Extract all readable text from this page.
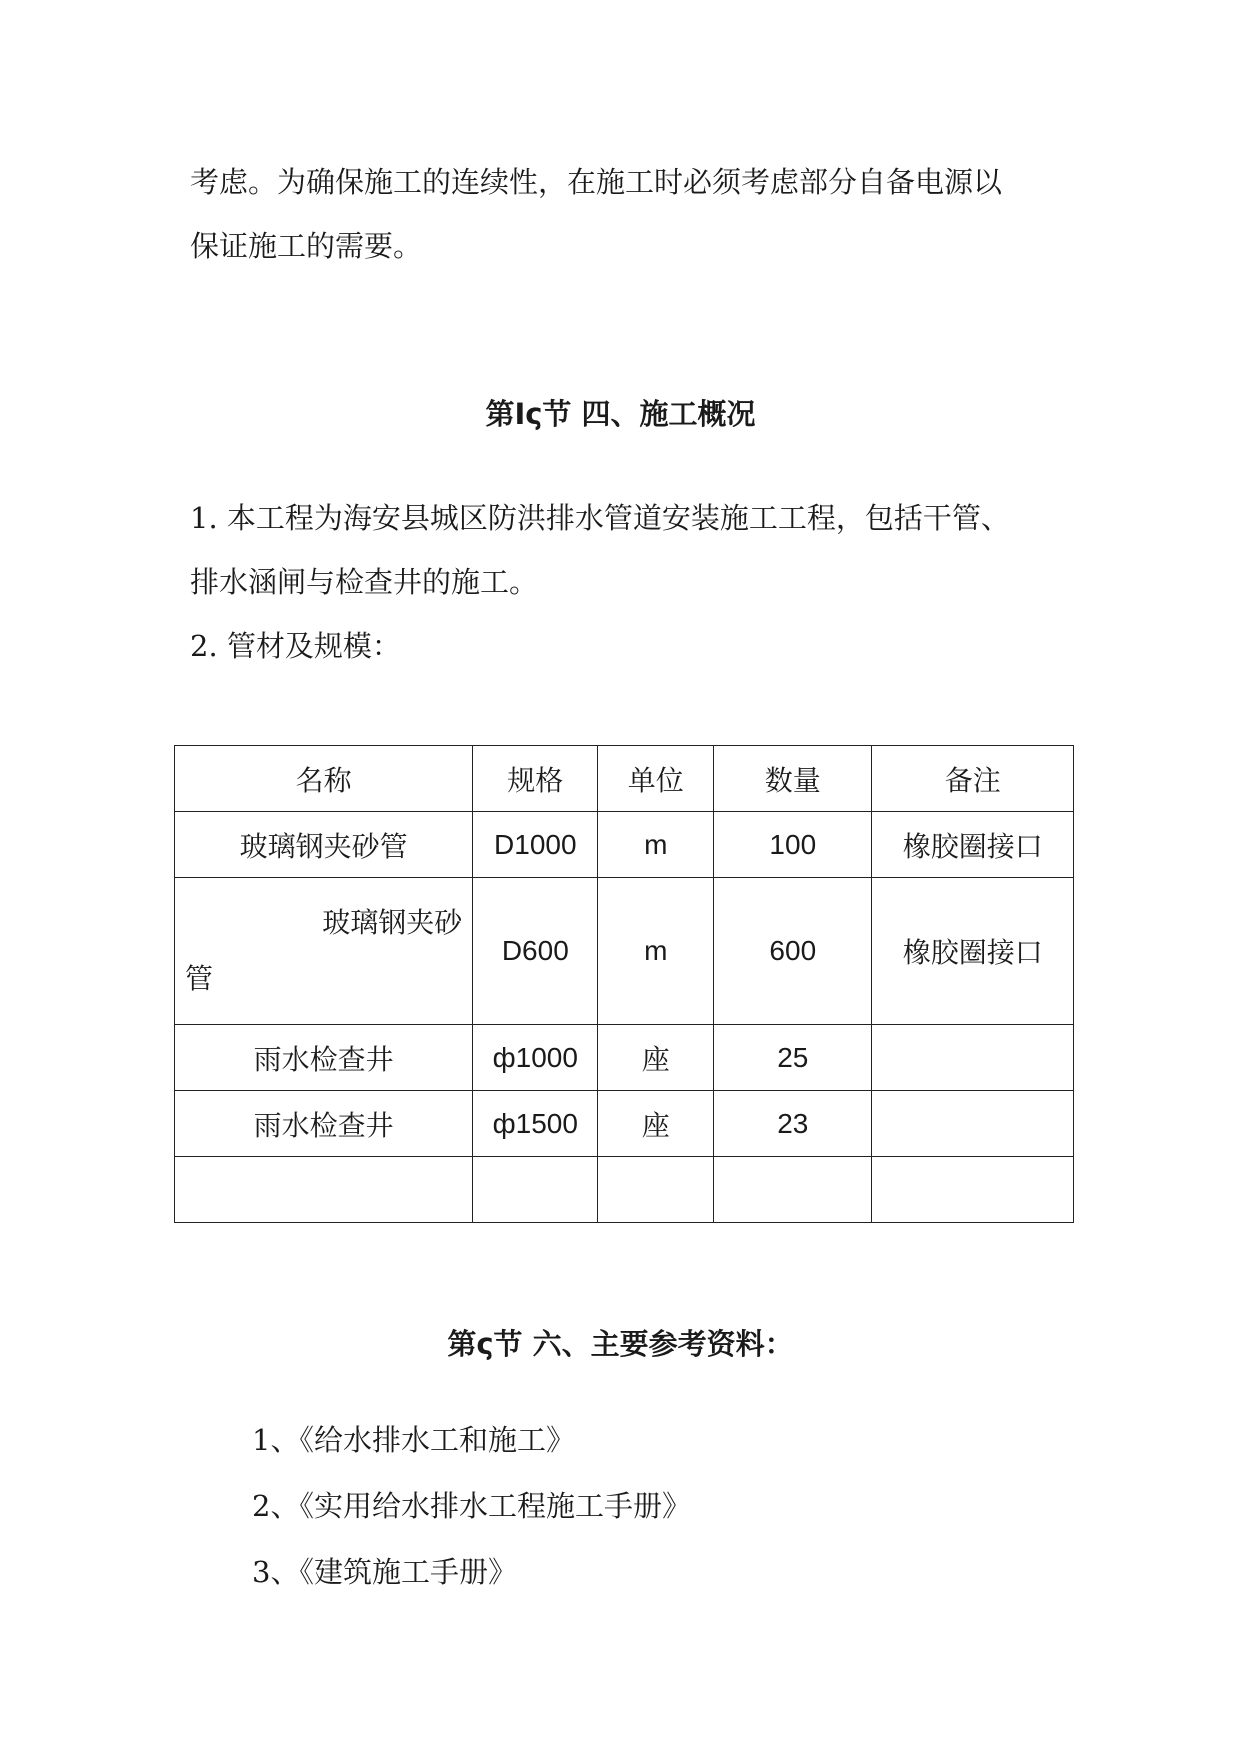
考虑。为确保施工的连续性，在施工时必须考虑部分自备电源以
保证施工的需要。

第Iς节 四、施工概况

1. 本工程为海安县城区防洪排水管道安装施工工程，包括干管、
排水涵闸与检查井的施工。

2. 管材及规模：

名称	规格	单位	数量	备注
玻璃钢夹砂管	D1000	m	100	橡胶圈接口

玻璃钢夹砂
管	D600	m	600	橡胶圈接口
雨水检查井	ф1000	座	25	
雨水检查井	ф1500	座	23	

第ς节 六、主要参考资料：

1、《给水排水工和施工》

2、《实用给水排水工程施工手册》

3、《建筑施工手册》
